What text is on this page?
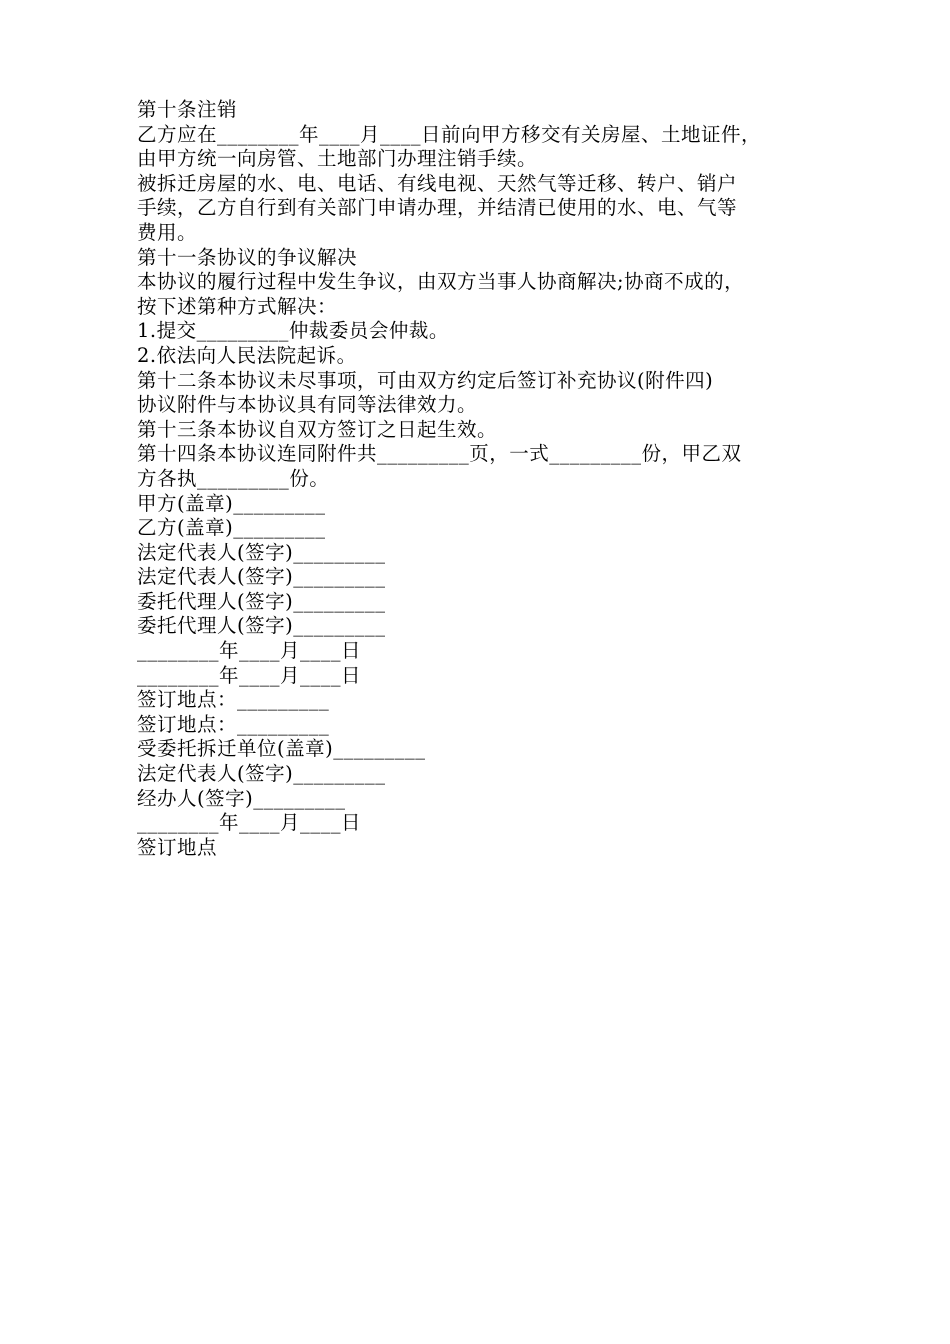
第十条注销
乙方应在________年____月____日前向甲方移交有关房屋、土地证件，
由甲方统一向房管、土地部门办理注销手续。
被拆迁房屋的水、电、电话、有线电视、天然气等迁移、转户、销户
手续，乙方自行到有关部门申请办理，并结清已使用的水、电、气等
费用。
第十一条协议的争议解决
本协议的履行过程中发生争议，由双方当事人协商解决;协商不成的，
按下述第种方式解决：
1.提交_________仲裁委员会仲裁。
2.依法向人民法院起诉。
第十二条本协议未尽事项，可由双方约定后签订补充协议(附件四)
协议附件与本协议具有同等法律效力。
第十三条本协议自双方签订之日起生效。
第十四条本协议连同附件共_________页，一式_________份，甲乙双
方各执_________份。
甲方(盖章)_________
乙方(盖章)_________
法定代表人(签字)_________
法定代表人(签字)_________
委托代理人(签字)_________
委托代理人(签字)_________
________年____月____日
________年____月____日
签订地点：_________
签订地点：_________
受委托拆迁单位(盖章)_________
法定代表人(签字)_________
经办人(签字)_________
________年____月____日
签订地点
